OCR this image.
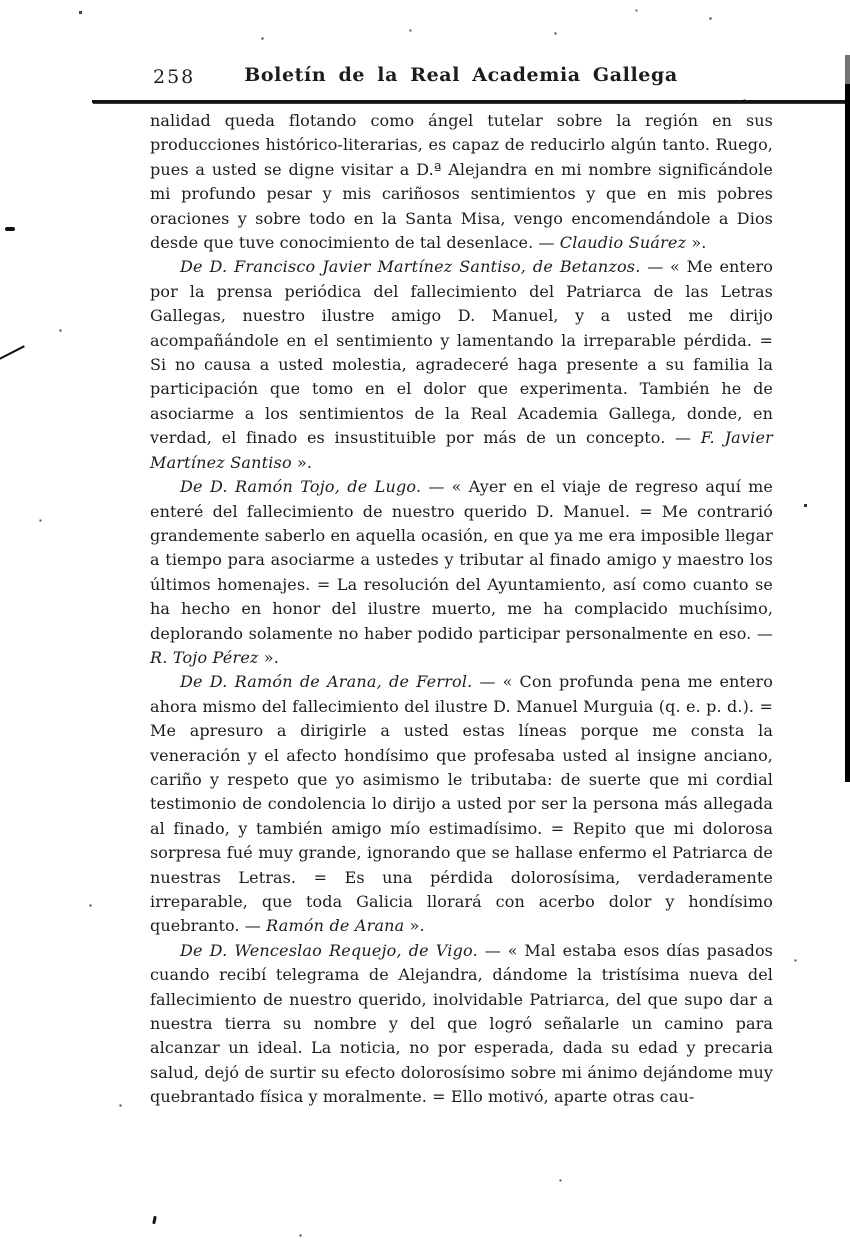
258	Boletín de la Real Academia Gallega

nalidad queda flotando como ángel tutelar sobre la región en sus producciones histórico-literarias, es capaz de reducirlo algún tanto. Ruego, pues a usted se digne visitar a D.ª Alejandra en mi nombre significándole mi profundo pesar y mis cariñosos sentimientos y que en mis pobres oraciones y sobre todo en la Santa Misa, vengo encomendándole a Dios desde que tuve conocimiento de tal desenlace. — Claudio Suárez ».

De D. Francisco Javier Martínez Santiso, de Betanzos. — « Me entero por la prensa periódica del fallecimiento del Patriarca de las Letras Gallegas, nuestro ilustre amigo D. Manuel, y a usted me dirijo acompañándole en el sentimiento y lamentando la irreparable pérdida. = Si no causa a usted molestia, agradeceré haga presente a su familia la participación que tomo en el dolor que experimenta. También he de asociarme a los sentimientos de la Real Academia Gallega, donde, en verdad, el finado es insustituible por más de un concepto. — F. Javier Martínez Santiso ».

De D. Ramón Tojo, de Lugo. — « Ayer en el viaje de regreso aquí me enteré del fallecimiento de nuestro querido D. Manuel. = Me contrarió grandemente saberlo en aquella ocasión, en que ya me era imposible llegar a tiempo para asociarme a ustedes y tributar al finado amigo y maestro los últimos homenajes. = La resolución del Ayuntamiento, así como cuanto se ha hecho en honor del ilustre muerto, me ha complacido muchísimo, deplorando solamente no haber podido participar personalmente en eso. — R. Tojo Pérez ».

De D. Ramón de Arana, de Ferrol. — « Con profunda pena me entero ahora mismo del fallecimiento del ilustre D. Manuel Murguia (q. e. p. d.). = Me apresuro a dirigirle a usted estas líneas porque me consta la veneración y el afecto hondísimo que profesaba usted al insigne anciano, cariño y respeto que yo asimismo le tributaba: de suerte que mi cordial testimonio de condolencia lo dirijo a usted por ser la persona más allegada al finado, y también amigo mío estimadísimo. = Repito que mi dolorosa sorpresa fué muy grande, ignorando que se hallase enfermo el Patriarca de nuestras Letras. = Es una pérdida dolorosísima, verdaderamente irreparable, que toda Galicia llorará con acerbo dolor y hondísimo quebranto. — Ramón de Arana ».

De D. Wenceslao Requejo, de Vigo. — « Mal estaba esos días pasados cuando recibí telegrama de Alejandra, dándome la tristísima nueva del fallecimiento de nuestro querido, inolvidable Patriarca, del que supo dar a nuestra tierra su nombre y del que logró señalarle un camino para alcanzar un ideal. La noticia, no por esperada, dada su edad y precaria salud, dejó de surtir su efecto dolorosísimo sobre mi ánimo dejándome muy quebrantado física y moralmente. = Ello motivó, aparte otras cau-
